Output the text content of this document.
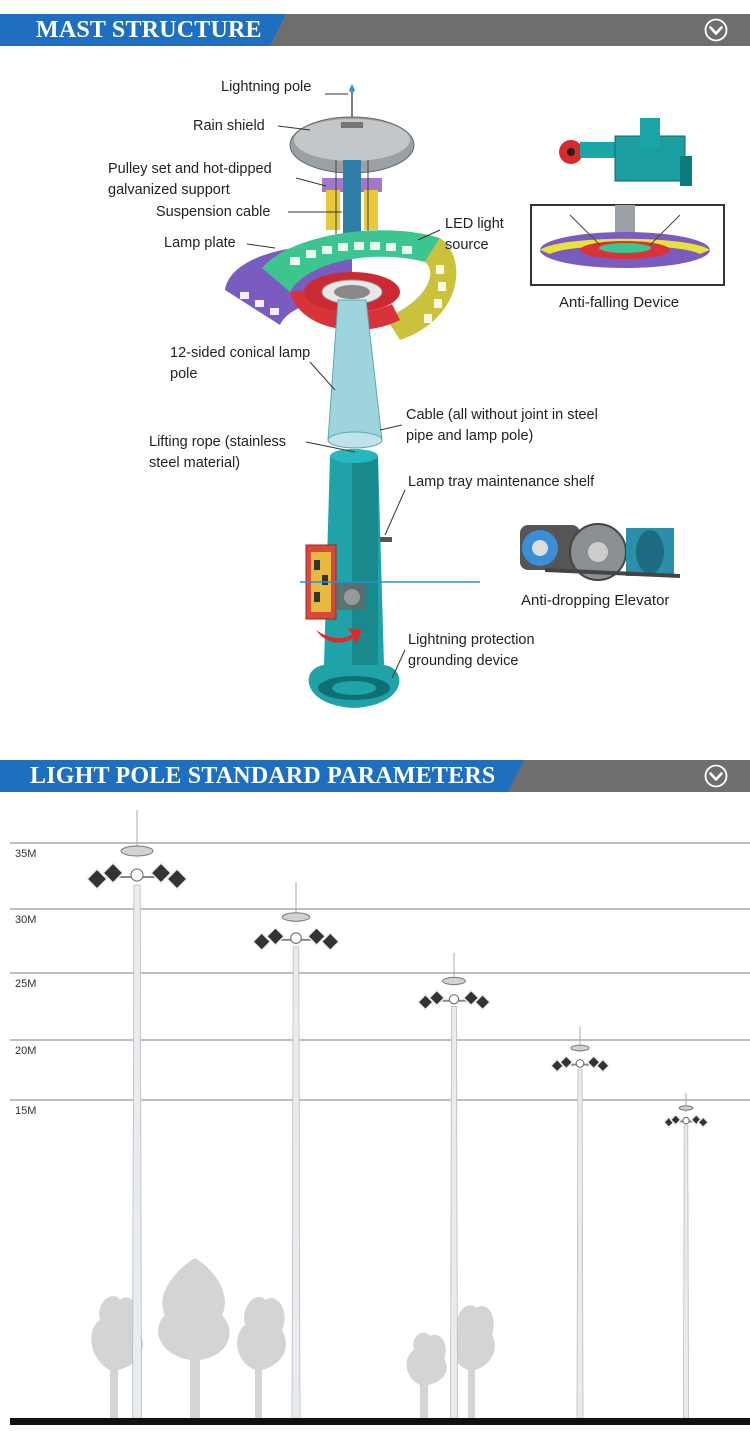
MAST STRUCTURE
Lightning pole
Rain shield
Pulley set and hot-dipped galvanized support
Suspension cable
Lamp plate
LED light source
12-sided conical lamp pole
Cable (all without joint in steel pipe and lamp pole)
Lifting rope (stainless steel material)
Lamp tray maintenance shelf
Lightning protection grounding device
Anti-falling Device
Anti-dropping Elevator
LIGHT POLE STANDARD PARAMETERS
35M
30M
25M
20M
15M
